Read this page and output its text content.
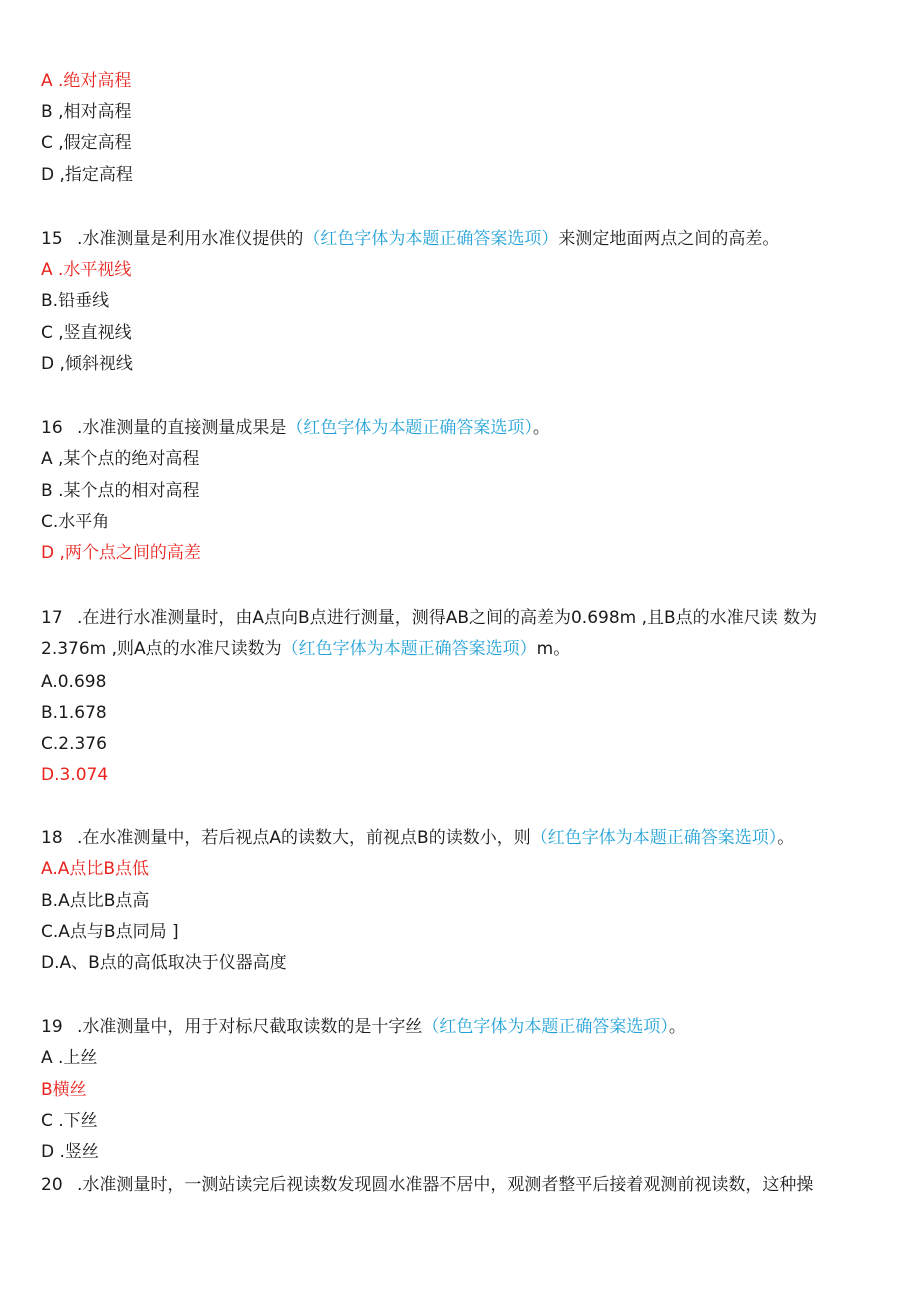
A .绝对高程
B ,相对高程
C ,假定高程
D ,指定高程
15 .水准测量是利用水准仪提供的（红色字体为本题正确答案选项）来测定地面两点之间的高差。
A .水平视线
B.铅垂线
C ,竖直视线
D ,倾斜视线
16 .水准测量的直接测量成果是（红色字体为本题正确答案选项）。
A ,某个点的绝对高程
B .某个点的相对高程
C.水平角
D ,两个点之间的高差
17 .在进行水准测量时，由A点向B点进行测量，测得AB之间的高差为0.698m ,且B点的水准尺读 数为
2.376m ,则A点的水准尺读数为（红色字体为本题正确答案选项）m。
A.0.698
B.1.678
C.2.376
D.3.074
18 .在水准测量中，若后视点A的读数大，前视点B的读数小，则（红色字体为本题正确答案选项）。
A.A点比B点低
B.A点比B点高
C.A点与B点同局 ]
D.A、B点的高低取决于仪器高度
19 .水准测量中，用于对标尺截取读数的是十字丝（红色字体为本题正确答案选项）。
A .上丝
B横丝
C .下丝
D .竖丝
20 .水准测量时，一测站读完后视读数发现圆水准器不居中，观测者整平后接着观测前视读数，这种操
